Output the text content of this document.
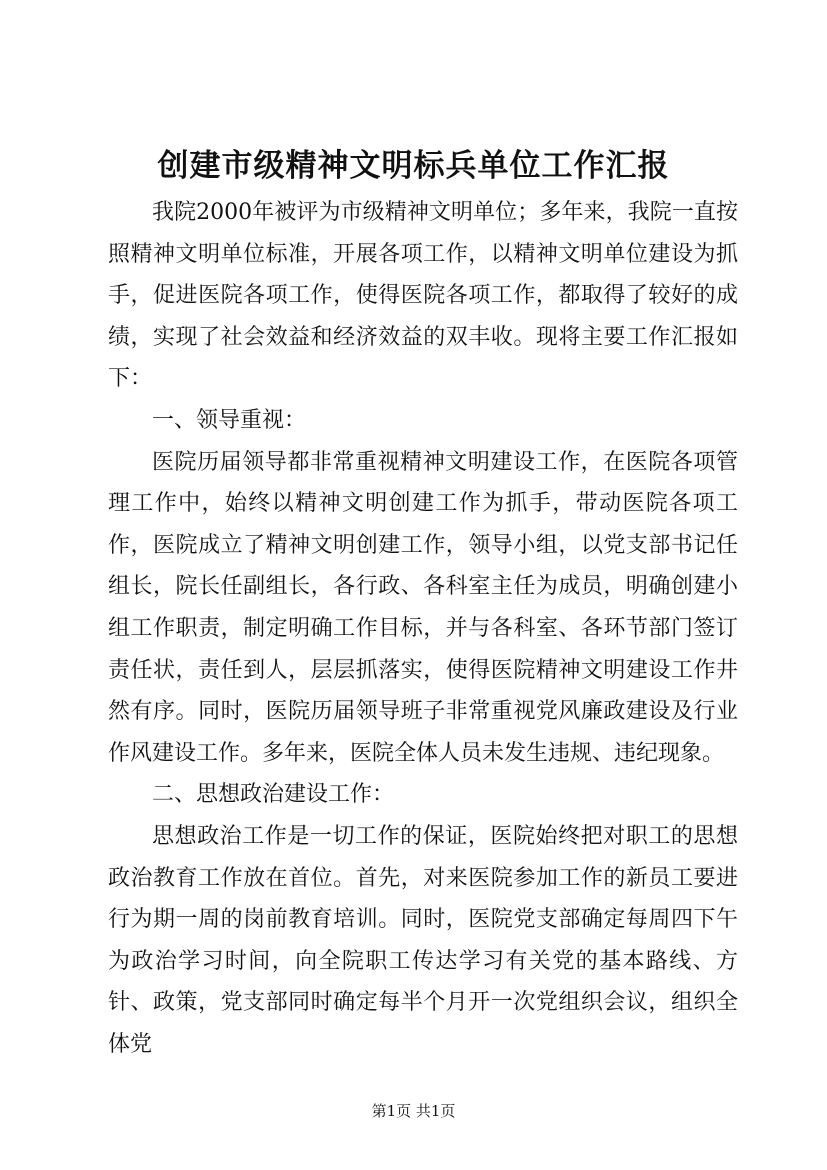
创建市级精神文明标兵单位工作汇报

我院2000年被评为市级精神文明单位；多年来，我院一直按照精神文明单位标准，开展各项工作，以精神文明单位建设为抓手，促进医院各项工作，使得医院各项工作，都取得了较好的成绩，实现了社会效益和经济效益的双丰收。现将主要工作汇报如下：

一、领导重视：

医院历届领导都非常重视精神文明建设工作，在医院各项管理工作中，始终以精神文明创建工作为抓手，带动医院各项工作，医院成立了精神文明创建工作，领导小组，以党支部书记任组长，院长任副组长，各行政、各科室主任为成员，明确创建小组工作职责，制定明确工作目标，并与各科室、各环节部门签订责任状，责任到人，层层抓落实，使得医院精神文明建设工作井然有序。同时，医院历届领导班子非常重视党风廉政建设及行业作风建设工作。多年来，医院全体人员未发生违规、违纪现象。

二、思想政治建设工作：

思想政治工作是一切工作的保证，医院始终把对职工的思想政治教育工作放在首位。首先，对来医院参加工作的新员工要进行为期一周的岗前教育培训。同时，医院党支部确定每周四下午为政治学习时间，向全院职工传达学习有关党的基本路线、方针、政策，党支部同时确定每半个月开一次党组织会议，组织全体党

第1页 共1页
